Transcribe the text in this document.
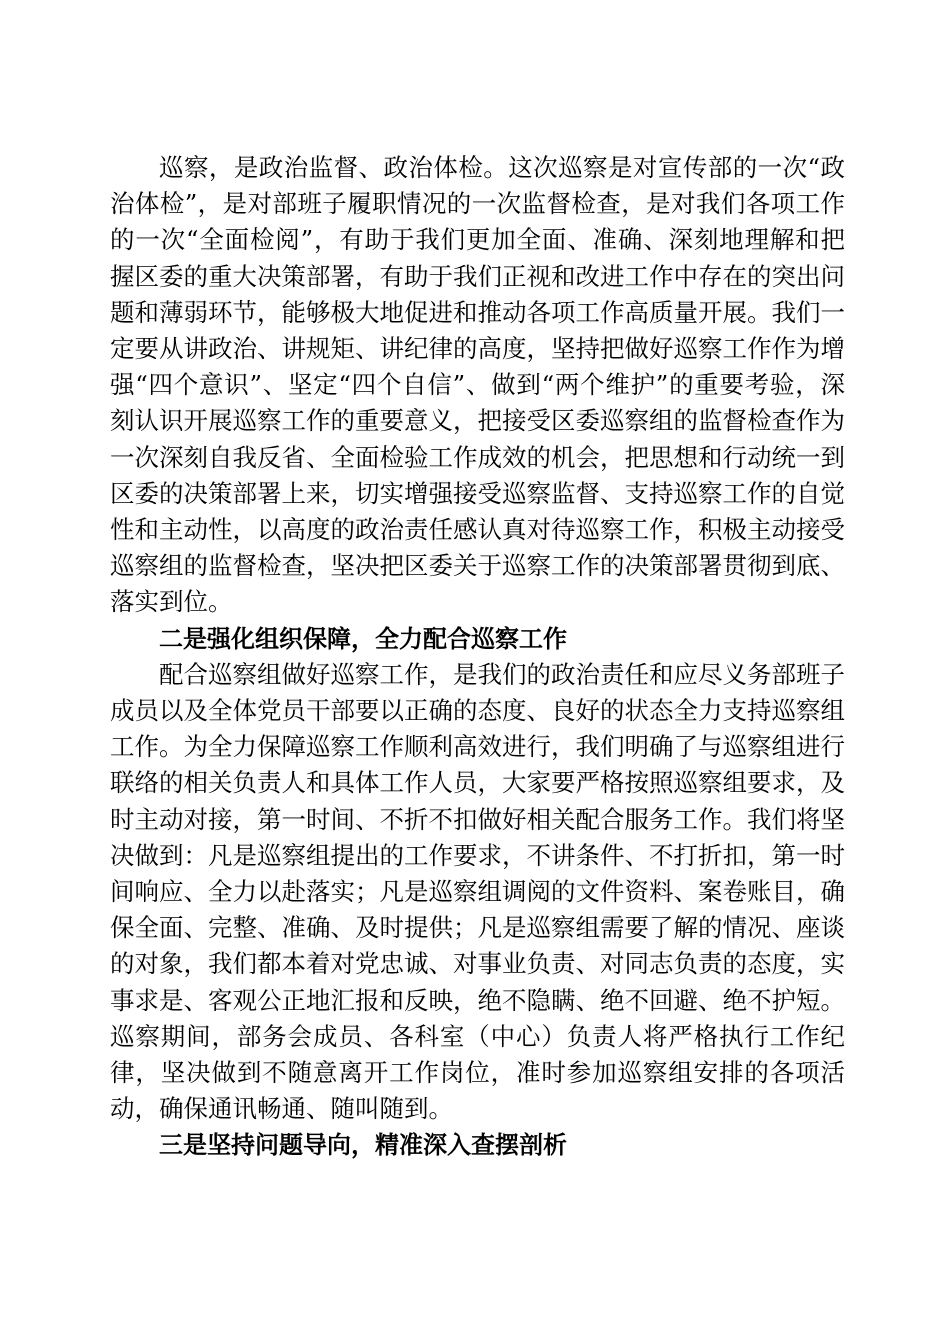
巡察，是政治监督、政治体检。这次巡察是对宣传部的一次“政治体检”，是对部班子履职情况的一次监督检查，是对我们各项工作的一次“全面检阅”，有助于我们更加全面、准确、深刻地理解和把握区委的重大决策部署，有助于我们正视和改进工作中存在的突出问题和薄弱环节，能够极大地促进和推动各项工作高质量开展。我们一定要从讲政治、讲规矩、讲纪律的高度，坚持把做好巡察工作作为增强“四个意识”、坚定“四个自信”、做到“两个维护”的重要考验，深刻认识开展巡察工作的重要意义，把接受区委巡察组的监督检查作为一次深刻自我反省、全面检验工作成效的机会，把思想和行动统一到区委的决策部署上来，切实增强接受巡察监督、支持巡察工作的自觉性和主动性，以高度的政治责任感认真对待巡察工作，积极主动接受巡察组的监督检查，坚决把区委关于巡察工作的决策部署贯彻到底、落实到位。

二是强化组织保障，全力配合巡察工作

配合巡察组做好巡察工作，是我们的政治责任和应尽义务部班子成员以及全体党员干部要以正确的态度、良好的状态全力支持巡察组工作。为全力保障巡察工作顺利高效进行，我们明确了与巡察组进行联络的相关负责人和具体工作人员，大家要严格按照巡察组要求，及时主动对接，第一时间、不折不扣做好相关配合服务工作。我们将坚决做到：凡是巡察组提出的工作要求，不讲条件、不打折扣，第一时间响应、全力以赴落实；凡是巡察组调阅的文件资料、案卷账目，确保全面、完整、准确、及时提供；凡是巡察组需要了解的情况、座谈的对象，我们都本着对党忠诚、对事业负责、对同志负责的态度，实事求是、客观公正地汇报和反映，绝不隐瞒、绝不回避、绝不护短。巡察期间，部务会成员、各科室（中心）负责人将严格执行工作纪律，坚决做到不随意离开工作岗位，准时参加巡察组安排的各项活动，确保通讯畅通、随叫随到。

三是坚持问题导向，精准深入查摆剖析
